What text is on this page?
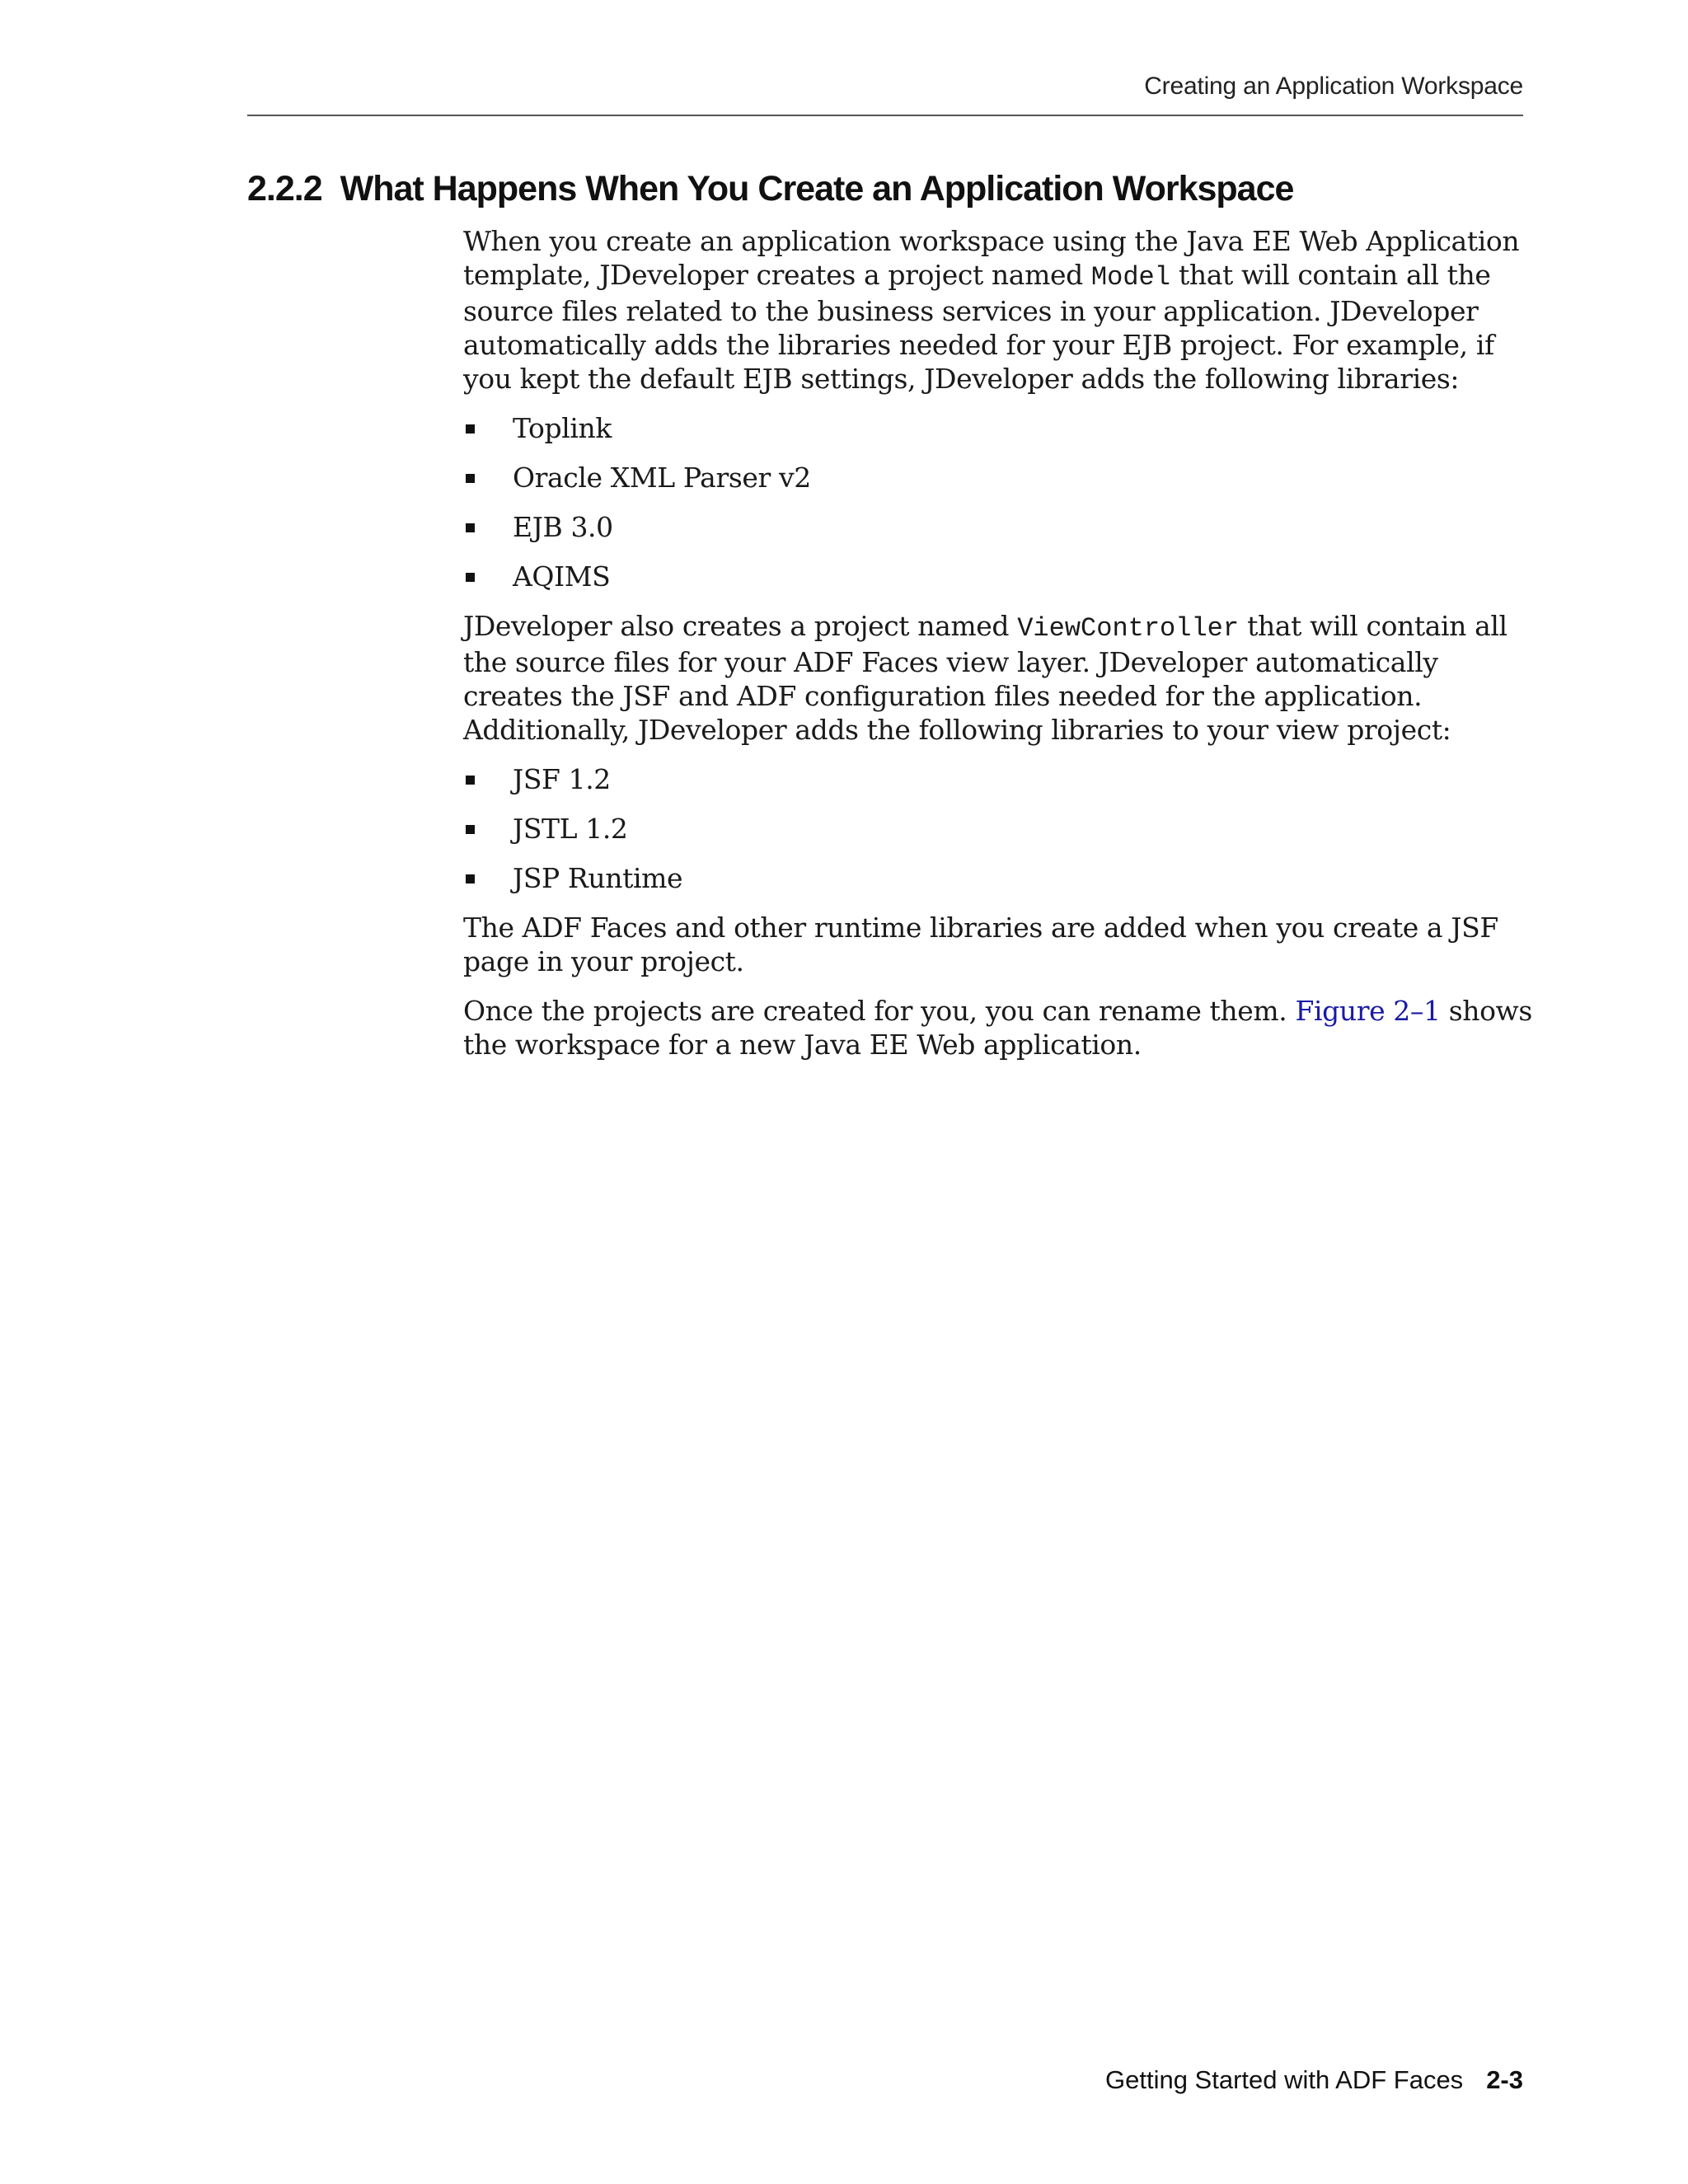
Creating an Application Workspace
2.2.2 What Happens When You Create an Application Workspace

When you create an application workspace using the Java EE Web Application template, JDeveloper creates a project named Model that will contain all the source files related to the business services in your application. JDeveloper automatically adds the libraries needed for your EJB project. For example, if you kept the default EJB settings, JDeveloper adds the following libraries:

Toplink
Oracle XML Parser v2
EJB 3.0
AQIMS

JDeveloper also creates a project named ViewController that will contain all the source files for your ADF Faces view layer. JDeveloper automatically creates the JSF and ADF configuration files needed for the application. Additionally, JDeveloper adds the following libraries to your view project:

JSF 1.2
JSTL 1.2
JSP Runtime

The ADF Faces and other runtime libraries are added when you create a JSF page in your project.

Once the projects are created for you, you can rename them. Figure 2–1 shows the workspace for a new Java EE Web application.

Getting Started with ADF Faces 2-3
